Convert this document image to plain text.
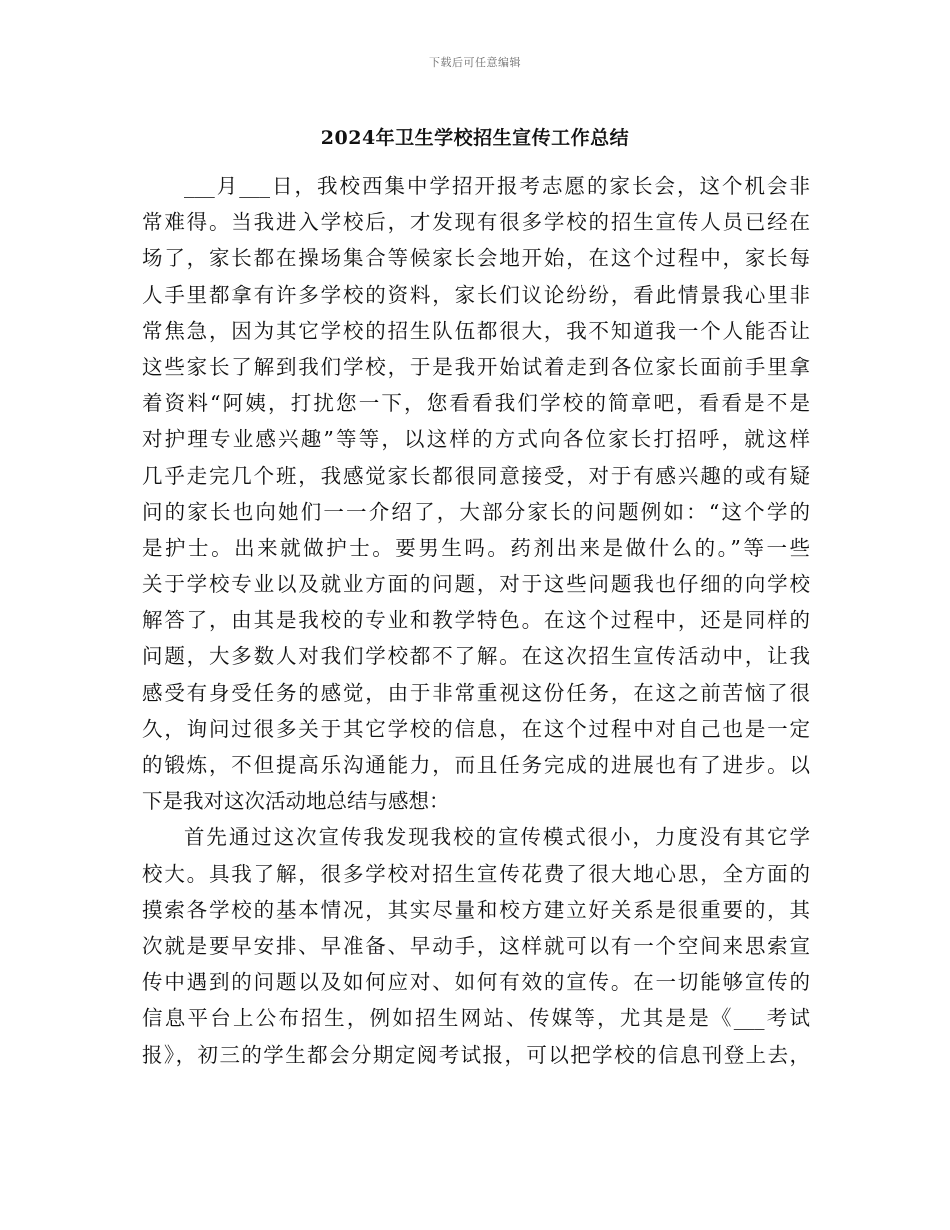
下载后可任意编辑
2024年卫生学校招生宣传工作总结
___月___日，我校西集中学招开报考志愿的家长会，这个机会非
常难得。当我进入学校后，才发现有很多学校的招生宣传人员已经在
场了，家长都在操场集合等候家长会地开始，在这个过程中，家长每
人手里都拿有许多学校的资料，家长们议论纷纷，看此情景我心里非
常焦急，因为其它学校的招生队伍都很大，我不知道我一个人能否让
这些家长了解到我们学校，于是我开始试着走到各位家长面前手里拿
着资料“阿姨，打扰您一下，您看看我们学校的简章吧，看看是不是
对护理专业感兴趣”等等，以这样的方式向各位家长打招呼，就这样
几乎走完几个班，我感觉家长都很同意接受，对于有感兴趣的或有疑
问的家长也向她们一一介绍了，大部分家长的问题例如：“这个学的
是护士。出来就做护士。要男生吗。药剂出来是做什么的。”等一些
关于学校专业以及就业方面的问题，对于这些问题我也仔细的向学校
解答了，由其是我校的专业和教学特色。在这个过程中，还是同样的
问题，大多数人对我们学校都不了解。在这次招生宣传活动中，让我
感受有身受任务的感觉，由于非常重视这份任务，在这之前苦恼了很
久，询问过很多关于其它学校的信息，在这个过程中对自己也是一定
的锻炼，不但提高乐沟通能力，而且任务完成的进展也有了进步。以
下是我对这次活动地总结与感想：
首先通过这次宣传我发现我校的宣传模式很小，力度没有其它学
校大。具我了解，很多学校对招生宣传花费了很大地心思，全方面的
摸索各学校的基本情况，其实尽量和校方建立好关系是很重要的，其
次就是要早安排、早准备、早动手，这样就可以有一个空间来思索宣
传中遇到的问题以及如何应对、如何有效的宣传。在一切能够宣传的
信息平台上公布招生，例如招生网站、传媒等，尤其是是《___考试
报》，初三的学生都会分期定阅考试报，可以把学校的信息刊登上去，
